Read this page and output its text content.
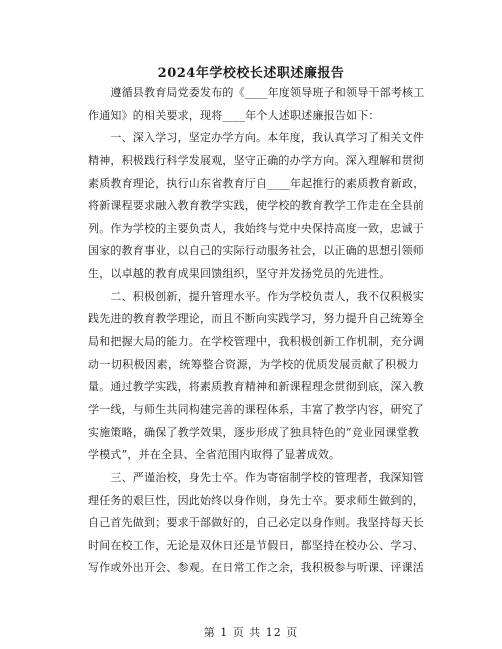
2024年学校校长述职述廉报告
　　遵循县教育局党委发布的《____年度领导班子和领导干部考核工
作通知》的相关要求，现将____年个人述职述廉报告如下：
　　一、深入学习，坚定办学方向。本年度，我认真学习了相关文件
精神，积极践行科学发展观，坚守正确的办学方向。深入理解和贯彻
素质教育理论，执行山东省教育厅自____年起推行的素质教育新政，
将新课程要求融入教育教学实践，使学校的教育教学工作走在全县前
列。作为学校的主要负责人，我始终与党中央保持高度一致，忠诚于
国家的教育事业，以自己的实际行动服务社会，以正确的思想引领师
生，以卓越的教育成果回馈组织，坚守并发扬党员的先进性。
　　二、积极创新，提升管理水平。作为学校负责人，我不仅积极实
践先进的教育教学理论，而且不断向实践学习，努力提升自己统筹全
局和把握大局的能力。在学校管理中，我积极创新工作机制，充分调
动一切积极因素，统筹整合资源，为学校的优质发展贡献了积极力
量。通过教学实践，将素质教育精神和新课程理念贯彻到底，深入教
学一线，与师生共同构建完善的课程体系，丰富了教学内容，研究了
实施策略，确保了教学效果，逐步形成了独具特色的“竞业园课堂教
学模式”，并在全县、全省范围内取得了显著成效。
　　三、严谨治校，身先士卒。作为寄宿制学校的管理者，我深知管
理任务的艰巨性，因此始终以身作则，身先士卒。要求师生做到的，
自己首先做到；要求干部做好的，自己必定以身作则。我坚持每天长
时间在校工作，无论是双休日还是节假日，都坚持在校办公、学习、
写作或外出开会、参观。在日常工作之余，我积极参与听课、评课活
第 1 页 共 12 页
